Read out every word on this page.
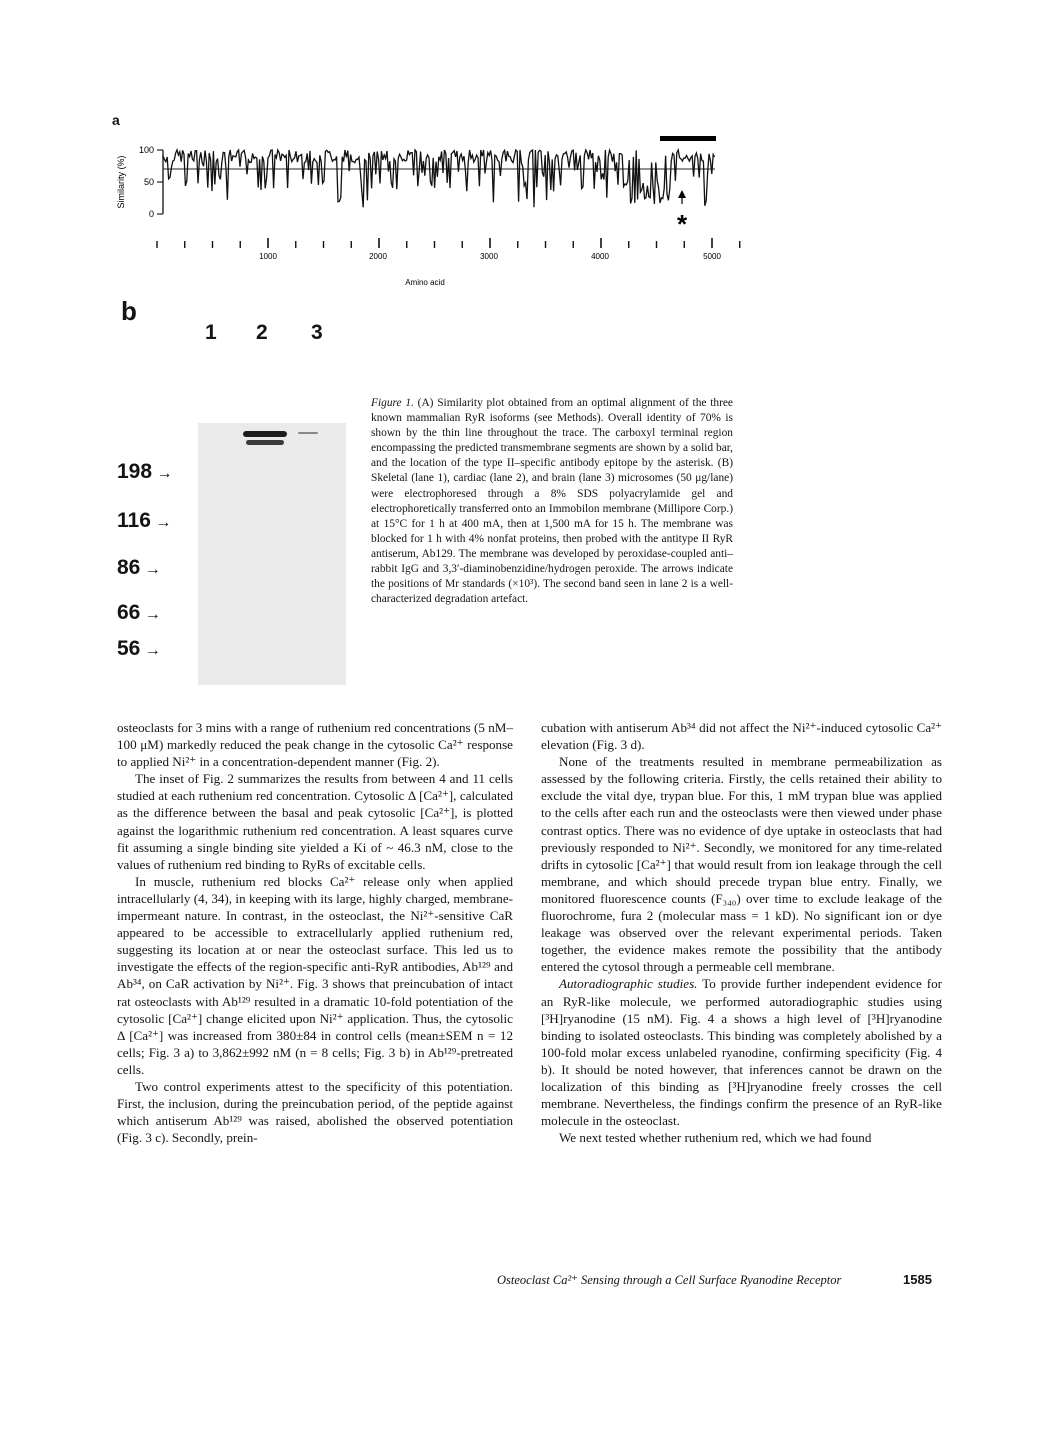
a
100
50
0
Similarity (%)
*
1000	2000	3000	4000	5000
Amino acid
b
1 2 3
198 →
116 →
86 →
66 →
56 →
Figure 1. (A) Similarity plot obtained from an optimal alignment of the three known mammalian RyR isoforms (see Methods). Overall identity of 70% is shown by the thin line throughout the trace. The carboxyl terminal region encompassing the predicted transmembrane segments are shown by a solid bar, and the location of the type II–specific antibody epitope by the asterisk. (B) Skeletal (lane 1), cardiac (lane 2), and brain (lane 3) microsomes (50 μg/lane) were electrophoresed through a 8% SDS polyacrylamide gel and electrophoretically transferred onto an Immobilon membrane (Millipore Corp.) at 15°C for 1 h at 400 mA, then at 1,500 mA for 15 h. The membrane was blocked for 1 h with 4% nonfat proteins, then probed with the antitype II RyR antiserum, Ab129. The membrane was developed by peroxidase-coupled anti–rabbit IgG and 3,3′-diaminobenzidine/hydrogen peroxide. The arrows indicate the positions of Mr standards (×10³). The second band seen in lane 2 is a well-characterized degradation artefact.

osteoclasts for 3 mins with a range of ruthenium red concentrations (5 nM–100 μM) markedly reduced the peak change in the cytosolic Ca²⁺ response to applied Ni²⁺ in a concentration-dependent manner (Fig. 2).

The inset of Fig. 2 summarizes the results from between 4 and 11 cells studied at each ruthenium red concentration. Cytosolic Δ [Ca²⁺], calculated as the difference between the basal and peak cytosolic [Ca²⁺], is plotted against the logarithmic ruthenium red concentration. A least squares curve fit assuming a single binding site yielded a Ki of ~ 46.3 nM, close to the values of ruthenium red binding to RyRs of excitable cells.

In muscle, ruthenium red blocks Ca²⁺ release only when applied intracellularly (4, 34), in keeping with its large, highly charged, membrane-impermeant nature. In contrast, in the osteoclast, the Ni²⁺-sensitive CaR appeared to be accessible to extracellularly applied ruthenium red, suggesting its location at or near the osteoclast surface. This led us to investigate the effects of the region-specific anti-RyR antibodies, Ab¹²⁹ and Ab³⁴, on CaR activation by Ni²⁺. Fig. 3 shows that preincubation of intact rat osteoclasts with Ab¹²⁹ resulted in a dramatic 10-fold potentiation of the cytosolic [Ca²⁺] change elicited upon Ni²⁺ application. Thus, the cytosolic Δ [Ca²⁺] was increased from 380±84 in control cells (mean±SEM n = 12 cells; Fig. 3 a) to 3,862±992 nM (n = 8 cells; Fig. 3 b) in Ab¹²⁹-pretreated cells.

Two control experiments attest to the specificity of this potentiation. First, the inclusion, during the preincubation period, of the peptide against which antiserum Ab¹²⁹ was raised, abolished the observed potentiation (Fig. 3 c). Secondly, prein-

cubation with antiserum Ab³⁴ did not affect the Ni²⁺-induced cytosolic Ca²⁺ elevation (Fig. 3 d).

None of the treatments resulted in membrane permeabilization as assessed by the following criteria. Firstly, the cells retained their ability to exclude the vital dye, trypan blue. For this, 1 mM trypan blue was applied to the cells after each run and the osteoclasts were then viewed under phase contrast optics. There was no evidence of dye uptake in osteoclasts that had previously responded to Ni²⁺. Secondly, we monitored for any time-related drifts in cytosolic [Ca²⁺] that would result from ion leakage through the cell membrane, and which should precede trypan blue entry. Finally, we monitored fluorescence counts (F₃₄₀) over time to exclude leakage of the fluorochrome, fura 2 (molecular mass = 1 kD). No significant ion or dye leakage was observed over the relevant experimental periods. Taken together, the evidence makes remote the possibility that the antibody entered the cytosol through a permeable cell membrane.

Autoradiographic studies. To provide further independent evidence for an RyR-like molecule, we performed autoradiographic studies using [³H]ryanodine (15 nM). Fig. 4 a shows a high level of [³H]ryanodine binding to isolated osteoclasts. This binding was completely abolished by a 100-fold molar excess unlabeled ryanodine, confirming specificity (Fig. 4 b). It should be noted however, that inferences cannot be drawn on the localization of this binding as [³H]ryanodine freely crosses the cell membrane. Nevertheless, the findings confirm the presence of an RyR-like molecule in the osteoclast.

We next tested whether ruthenium red, which we had found

Osteoclast Ca²⁺ Sensing through a Cell Surface Ryanodine Receptor	1585
